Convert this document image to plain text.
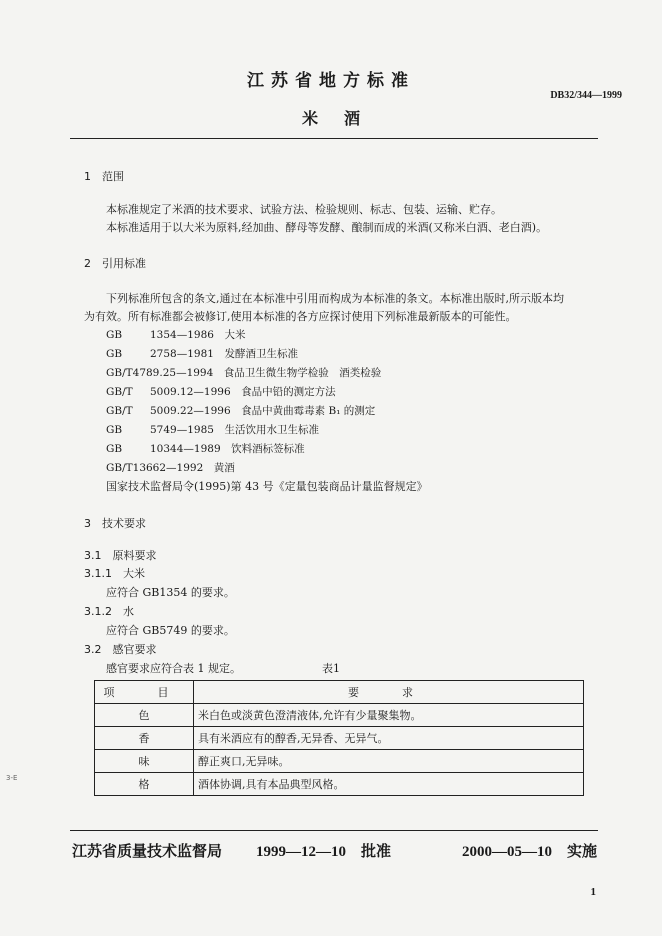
江苏省地方标准
DB32/344—1999
米酒
1　范围
本标准规定了米酒的技术要求、试验方法、检验规则、标志、包装、运输、贮存。
本标准适用于以大米为原料,经加曲、酵母等发酵、酿制而成的米酒(又称米白酒、老白酒)。
2　引用标准
下列标准所包含的条文,通过在本标准中引用而构成为本标准的条文。本标准出版时,所示版本均
为有效。所有标准都会被修订,使用本标准的各方应探讨使用下列标准最新版本的可能性。
GB	1354—1986　 大米
GB	2758—1981　 发酵酒卫生标准
GB/T4789.25—1994　 食品卫生微生物学检验　酒类检验
GB/T 5009.12—1996　 食品中铅的测定方法
GB/T 5009.22—1996　 食品中黄曲霉毒素 B₁ 的测定
GB	5749—1985　 生活饮用水卫生标准
GB	10344—1989　 饮料酒标签标准
GB/T13662—1992　 黄酒
国家技术监督局令(1995)第 43 号《定量包装商品计量监督规定》
3　技术要求
3.1　原料要求
3.1.1　大米
应符合 GB1354 的要求。
3.1.2　水
应符合 GB5749 的要求。
3.2　感官要求
感官要求应符合表 1 规定。	表1
项　目	要　求
色	米白色或淡黄色澄清液体,允许有少量聚集物。
香	具有米酒应有的醇香,无异香、无异气。
味	醇正爽口,无异味。
格	酒体协调,具有本品典型风格。
3-E
江苏省质量技术监督局 1999—12—10　 批准	2000—05—10　 实施
1
